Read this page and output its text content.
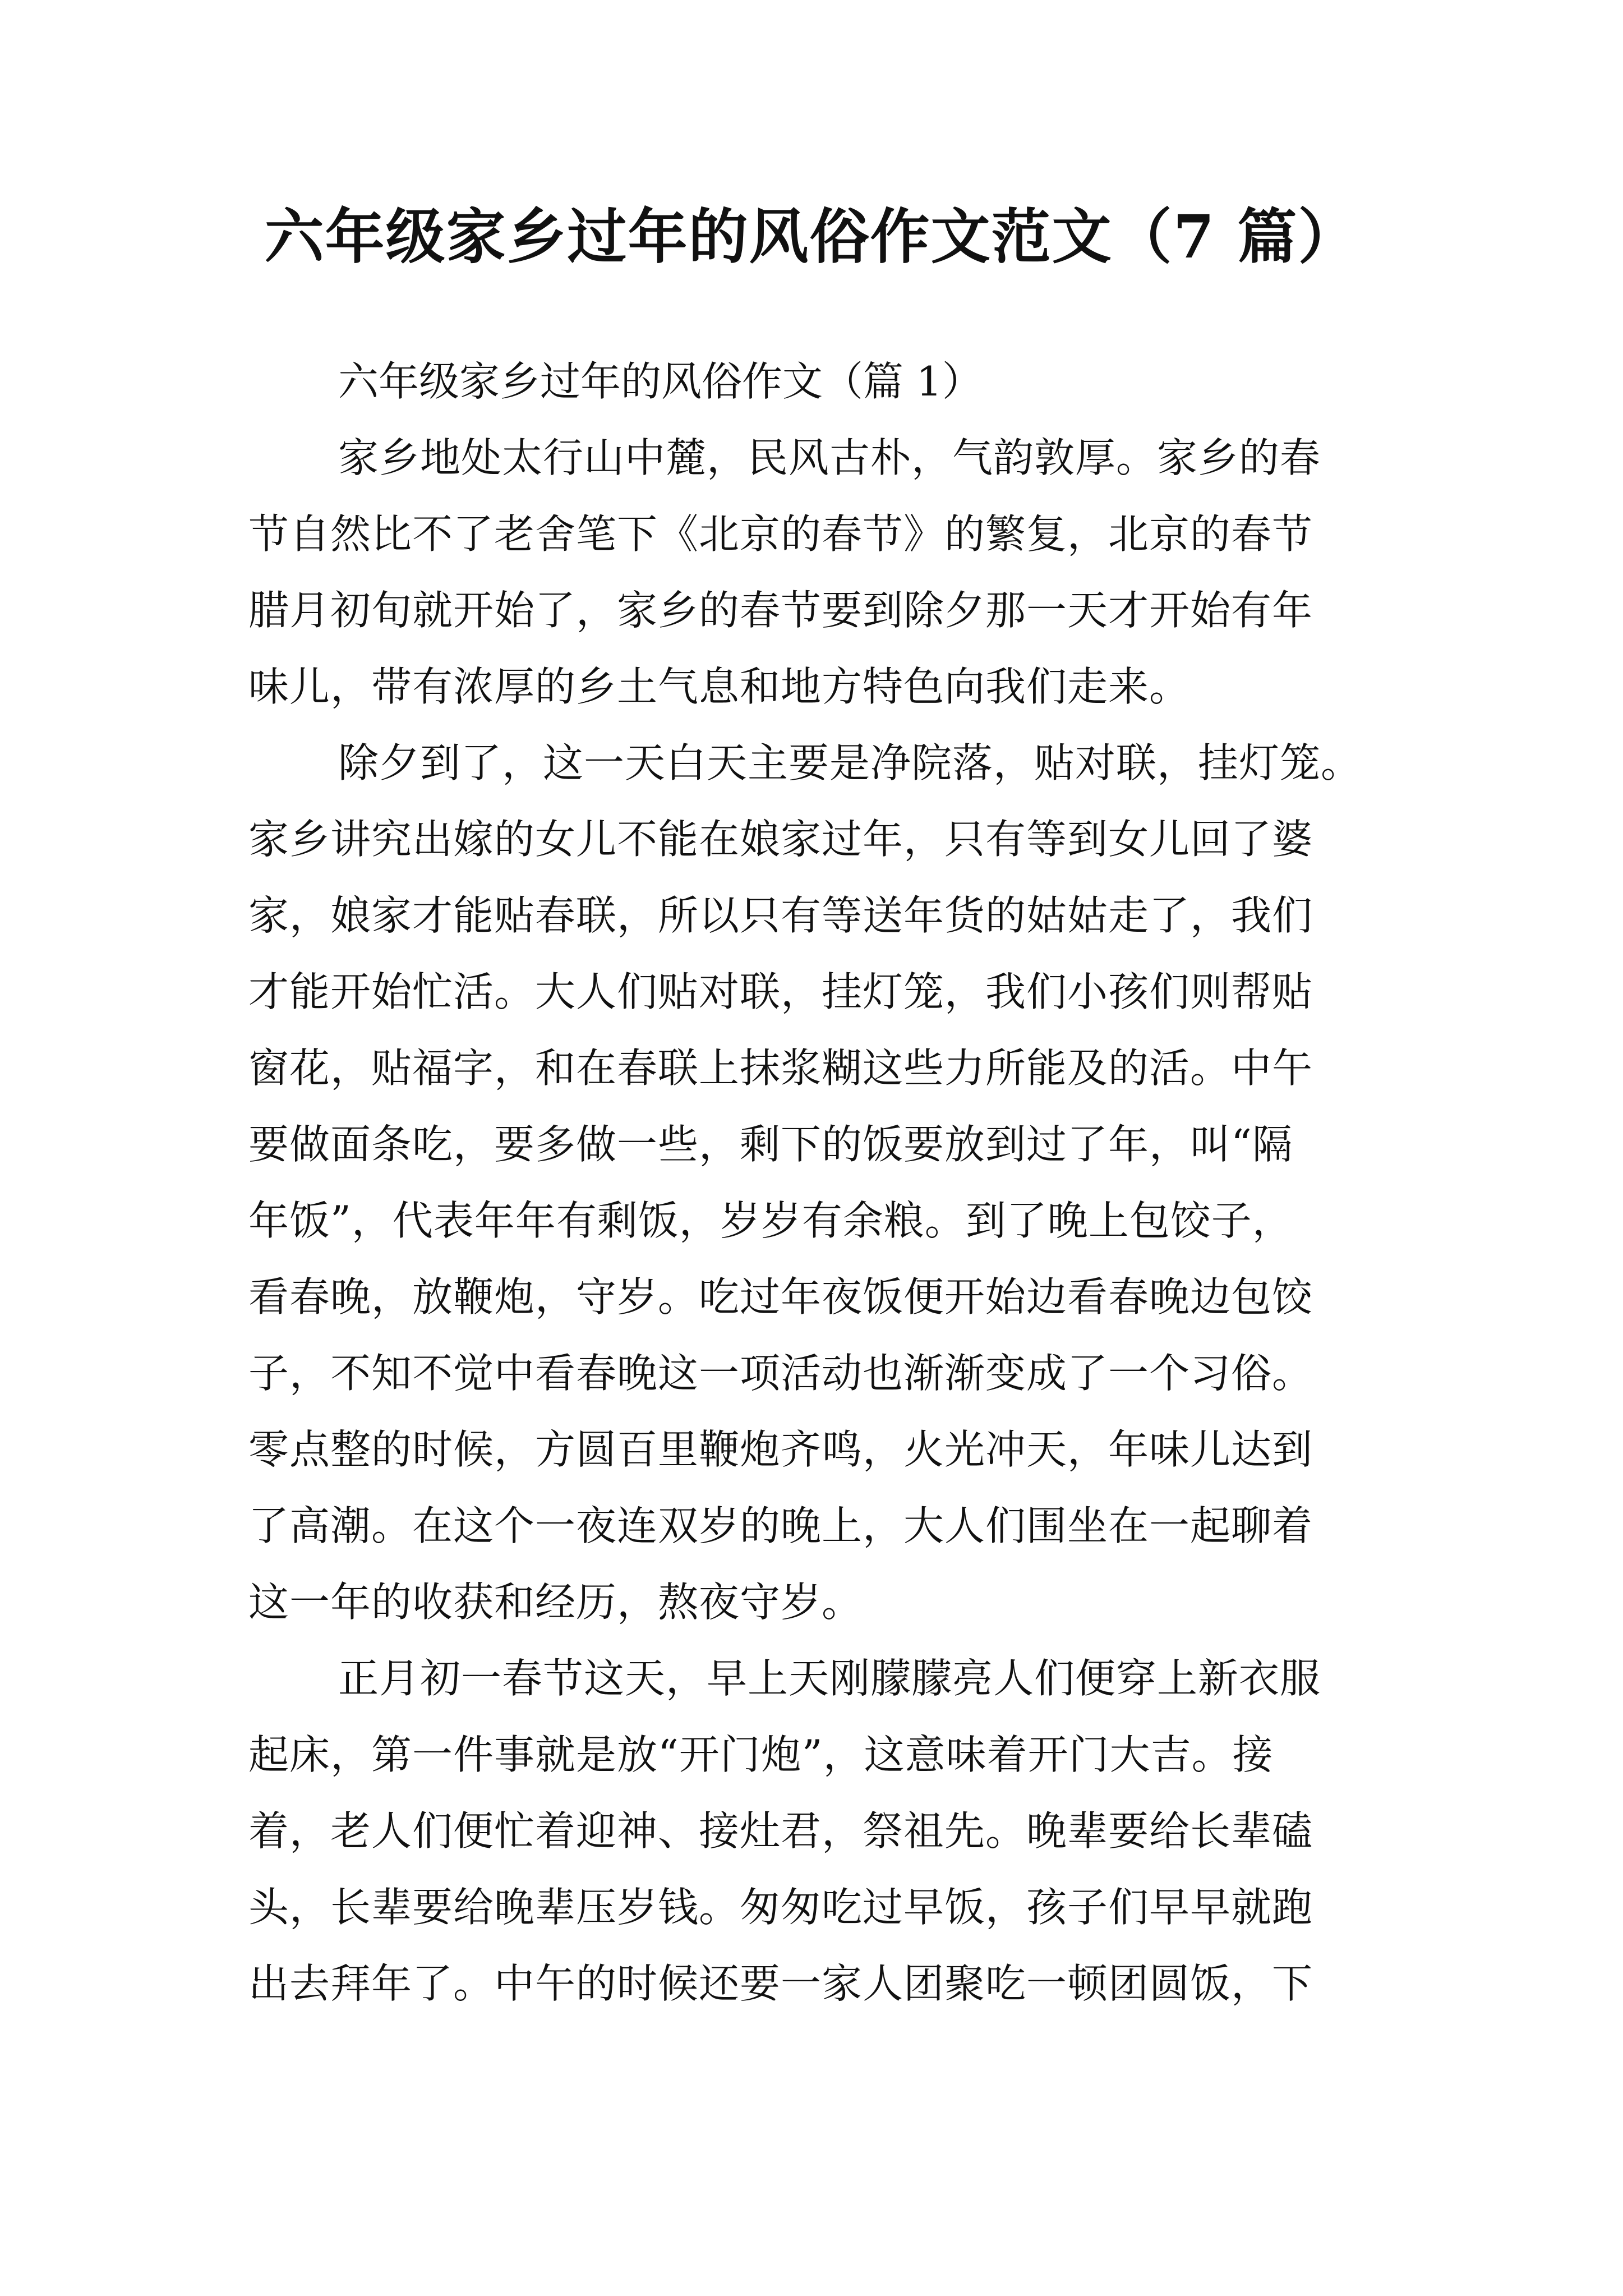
六年级家乡过年的风俗作文范文（7 篇）
六年级家乡过年的风俗作文（篇 1）
家乡地处太行山中麓，民风古朴，气韵敦厚。家乡的春
节自然比不了老舍笔下《北京的春节》的繁复，北京的春节
腊月初旬就开始了，家乡的春节要到除夕那一天才开始有年
味儿，带有浓厚的乡土气息和地方特色向我们走来。
除夕到了，这一天白天主要是净院落，贴对联，挂灯笼。
家乡讲究出嫁的女儿不能在娘家过年，只有等到女儿回了婆
家，娘家才能贴春联，所以只有等送年货的姑姑走了，我们
才能开始忙活。大人们贴对联，挂灯笼，我们小孩们则帮贴
窗花，贴福字，和在春联上抹浆糊这些力所能及的活。中午
要做面条吃，要多做一些，剩下的饭要放到过了年，叫“隔
年饭”，代表年年有剩饭，岁岁有余粮。到了晚上包饺子，
看春晚，放鞭炮，守岁。吃过年夜饭便开始边看春晚边包饺
子，不知不觉中看春晚这一项活动也渐渐变成了一个习俗。
零点整的时候，方圆百里鞭炮齐鸣，火光冲天，年味儿达到
了高潮。在这个一夜连双岁的晚上，大人们围坐在一起聊着
这一年的收获和经历，熬夜守岁。
正月初一春节这天，早上天刚朦朦亮人们便穿上新衣服
起床，第一件事就是放“开门炮”，这意味着开门大吉。接
着，老人们便忙着迎神、接灶君，祭祖先。晚辈要给长辈磕
头，长辈要给晚辈压岁钱。匆匆吃过早饭，孩子们早早就跑
出去拜年了。中午的时候还要一家人团聚吃一顿团圆饭，下
